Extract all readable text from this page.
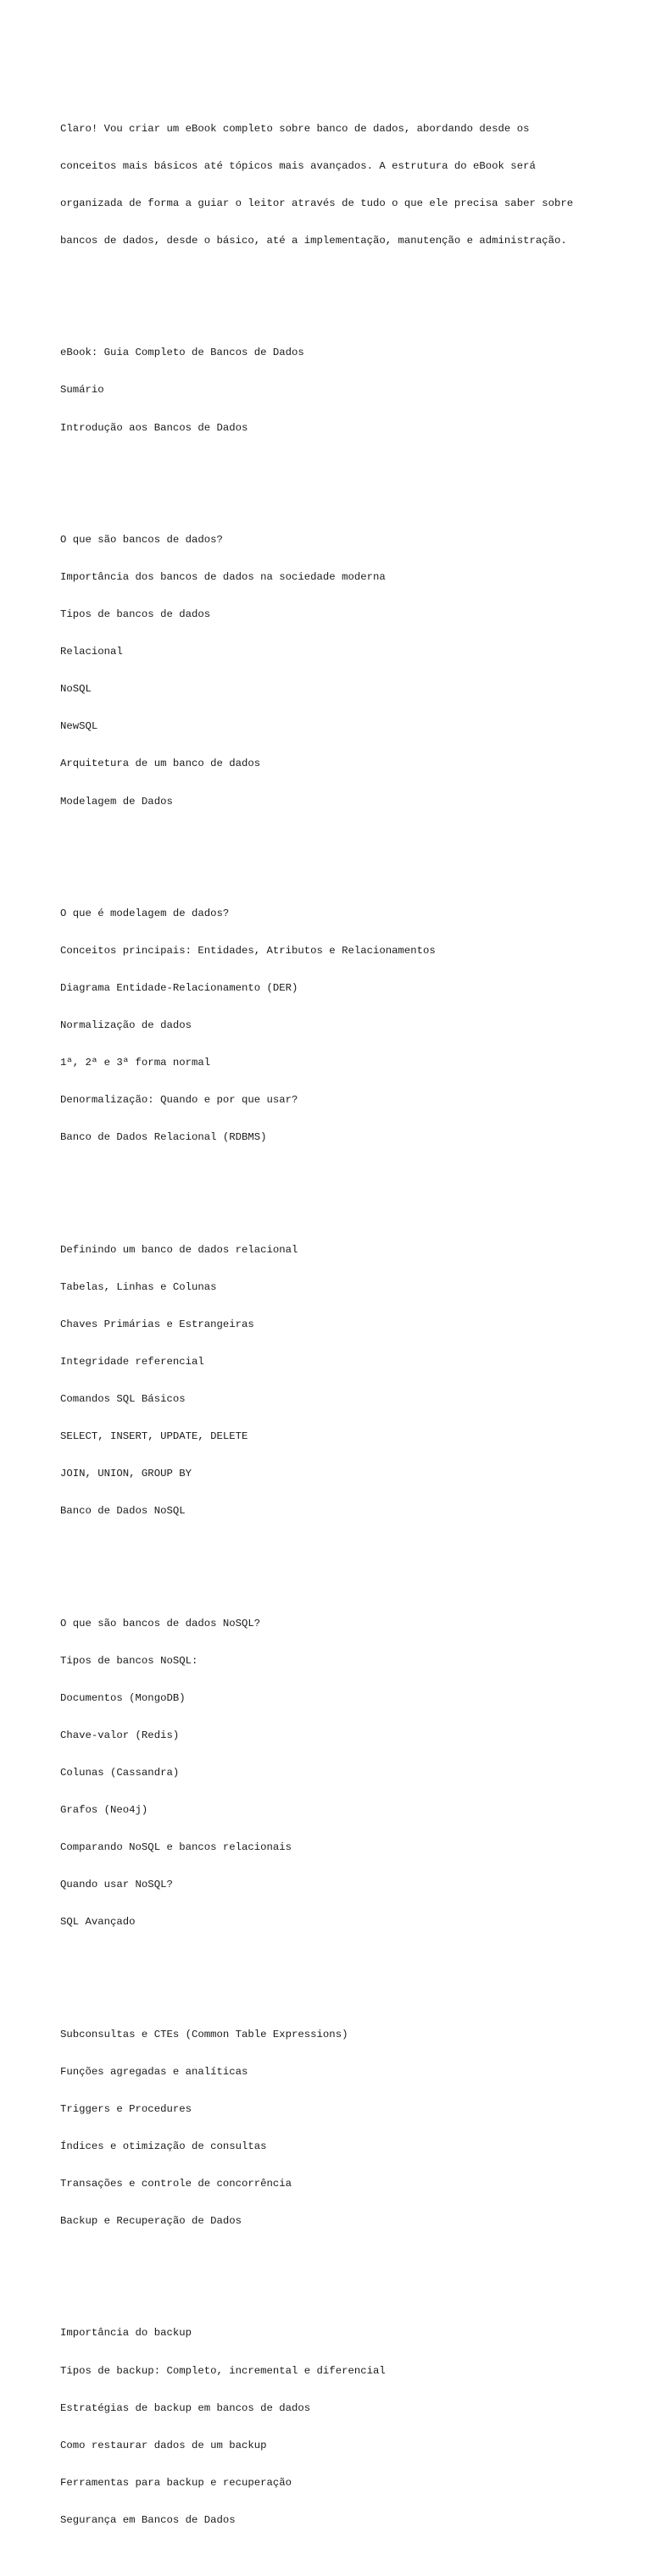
Claro! Vou criar um eBook completo sobre banco de dados, abordando desde os

conceitos mais básicos até tópicos mais avançados. A estrutura do eBook será

organizada de forma a guiar o leitor através de tudo o que ele precisa saber sobre

bancos de dados, desde o básico, até a implementação, manutenção e administração.

eBook: Guia Completo de Bancos de Dados

Sumário

Introdução aos Bancos de Dados

O que são bancos de dados?

Importância dos bancos de dados na sociedade moderna

Tipos de bancos de dados

Relacional

NoSQL

NewSQL

Arquitetura de um banco de dados

Modelagem de Dados

O que é modelagem de dados?

Conceitos principais: Entidades, Atributos e Relacionamentos

Diagrama Entidade-Relacionamento (DER)

Normalização de dados

1ª, 2ª e 3ª forma normal

Denormalização: Quando e por que usar?

Banco de Dados Relacional (RDBMS)

Definindo um banco de dados relacional

Tabelas, Linhas e Colunas

Chaves Primárias e Estrangeiras

Integridade referencial

Comandos SQL Básicos

SELECT, INSERT, UPDATE, DELETE

JOIN, UNION, GROUP BY

Banco de Dados NoSQL

O que são bancos de dados NoSQL?

Tipos de bancos NoSQL:

Documentos (MongoDB)

Chave-valor (Redis)

Colunas (Cassandra)

Grafos (Neo4j)

Comparando NoSQL e bancos relacionais

Quando usar NoSQL?

SQL Avançado

Subconsultas e CTEs (Common Table Expressions)

Funções agregadas e analíticas

Triggers e Procedures

Índices e otimização de consultas

Transações e controle de concorrência

Backup e Recuperação de Dados

Importância do backup

Tipos de backup: Completo, incremental e diferencial

Estratégias de backup em bancos de dados

Como restaurar dados de um backup

Ferramentas para backup e recuperação

Segurança em Bancos de Dados
